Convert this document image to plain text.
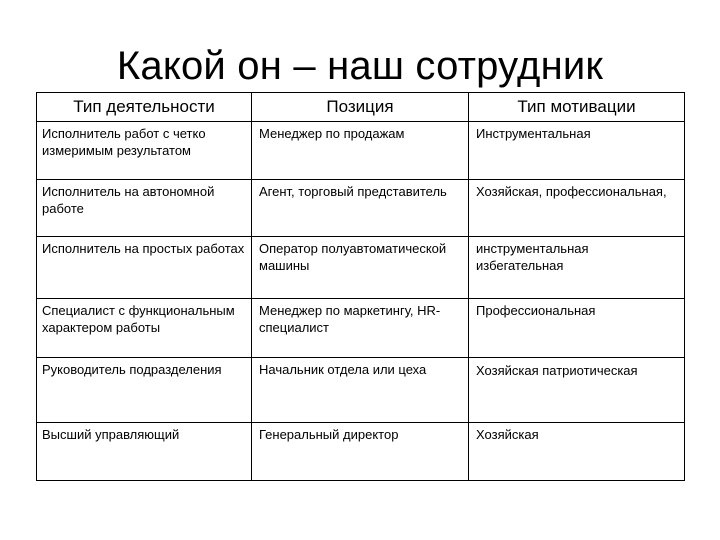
Какой он – наш сотрудник
Тип деятельности	Позиция	Тип мотивации
Исполнитель работ с четко измеримым результатом	Менеджер по продажам	Инструментальная
Исполнитель на автономной работе	Агент, торговый представитель	Хозяйская, профессиональная,
Исполнитель на простых работах	Оператор полуавтоматической машины	инструментальная избегательная
Специалист с функциональным характером работы	Менеджер по маркетингу, HR-специалист	Профессиональная
Руководитель подразделения	Начальник отдела или цеха	Хозяйская патриотическая
Высший управляющий	Генеральный директор	Хозяйская
